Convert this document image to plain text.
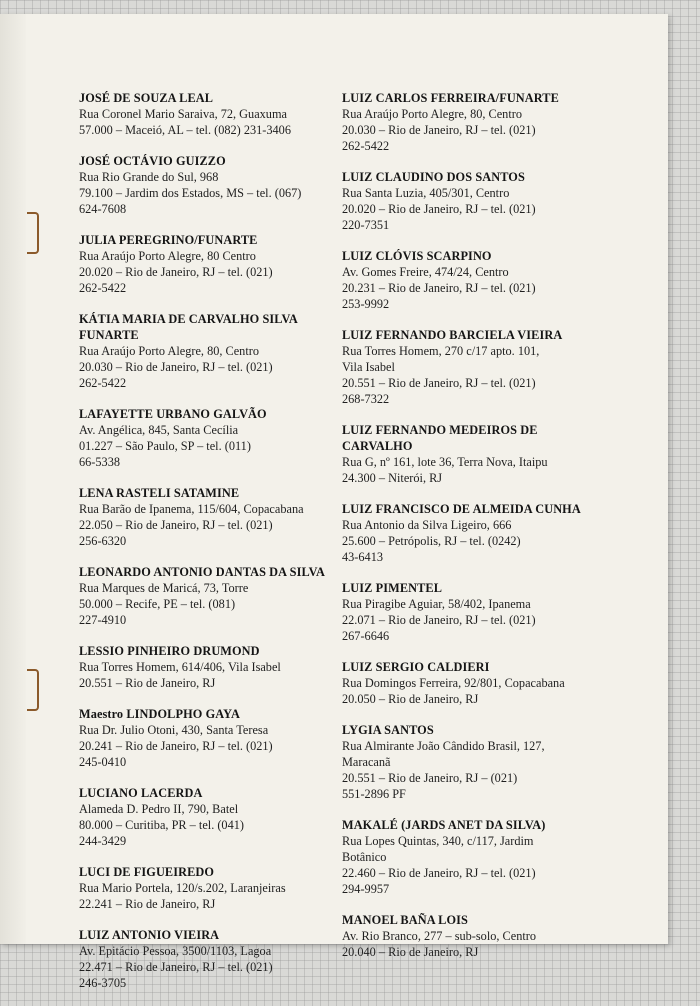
JOSÉ DE SOUZA LEAL
Rua Coronel Mario Saraiva, 72, Guaxuma
57.000 – Maceió, AL – tel. (082) 231-3406
JOSÉ OCTÁVIO GUIZZO
Rua Rio Grande do Sul, 968
79.100 – Jardim dos Estados, MS – tel. (067)
624-7608
JULIA PEREGRINO/FUNARTE
Rua Araújo Porto Alegre, 80 Centro
20.020 – Rio de Janeiro, RJ – tel. (021)
262-5422
KÁTIA MARIA DE CARVALHO SILVA FUNARTE
Rua Araújo Porto Alegre, 80, Centro
20.030 – Rio de Janeiro, RJ – tel. (021)
262-5422
LAFAYETTE URBANO GALVÃO
Av. Angélica, 845, Santa Cecília
01.227 – São Paulo, SP – tel. (011)
66-5338
LENA RASTELI SATAMINE
Rua Barão de Ipanema, 115/604, Copacabana
22.050 – Rio de Janeiro, RJ – tel. (021)
256-6320
LEONARDO ANTONIO DANTAS DA SILVA
Rua Marques de Maricá, 73, Torre
50.000 – Recife, PE – tel. (081)
227-4910
LESSIO PINHEIRO DRUMOND
Rua Torres Homem, 614/406, Vila Isabel
20.551 – Rio de Janeiro, RJ
Maestro LINDOLPHO GAYA
Rua Dr. Julio Otoni, 430, Santa Teresa
20.241 – Rio de Janeiro, RJ – tel. (021)
245-0410
LUCIANO LACERDA
Alameda D. Pedro II, 790, Batel
80.000 – Curitiba, PR – tel. (041)
244-3429
LUCI DE FIGUEIREDO
Rua Mario Portela, 120/s.202, Laranjeiras
22.241 – Rio de Janeiro, RJ
LUIZ ANTONIO VIEIRA
Av. Epitácio Pessoa, 3500/1103, Lagoa
22.471 – Rio de Janeiro, RJ – tel. (021)
246-3705
LUIZ CARLOS FERREIRA/FUNARTE
Rua Araújo Porto Alegre, 80, Centro
20.030 – Rio de Janeiro, RJ – tel. (021)
262-5422
LUIZ CLAUDINO DOS SANTOS
Rua Santa Luzia, 405/301, Centro
20.020 – Rio de Janeiro, RJ – tel. (021)
220-7351
LUIZ CLÓVIS SCARPINO
Av. Gomes Freire, 474/24, Centro
20.231 – Rio de Janeiro, RJ – tel. (021)
253-9992
LUIZ FERNANDO BARCIELA VIEIRA
Rua Torres Homem, 270 c/17 apto. 101,
Vila Isabel
20.551 – Rio de Janeiro, RJ – tel. (021)
268-7322
LUIZ FERNANDO MEDEIROS DE CARVALHO
Rua G, nº 161, lote 36, Terra Nova, Itaipu
24.300 – Niterói, RJ
LUIZ FRANCISCO DE ALMEIDA CUNHA
Rua Antonio da Silva Ligeiro, 666
25.600 – Petrópolis, RJ – tel. (0242)
43-6413
LUIZ PIMENTEL
Rua Piragibe Aguiar, 58/402, Ipanema
22.071 – Rio de Janeiro, RJ – tel. (021)
267-6646
LUIZ SERGIO CALDIERI
Rua Domingos Ferreira, 92/801, Copacabana
20.050 – Rio de Janeiro, RJ
LYGIA SANTOS
Rua Almirante João Cândido Brasil, 127,
Maracanã
20.551 – Rio de Janeiro, RJ – (021)
551-2896 PF
MAKALÉ (JARDS ANET DA SILVA)
Rua Lopes Quintas, 340, c/117, Jardim
Botânico
22.460 – Rio de Janeiro, RJ – tel. (021)
294-9957
MANOEL BAÑA LOIS
Av. Rio Branco, 277 – sub-solo, Centro
20.040 – Rio de Janeiro, RJ
